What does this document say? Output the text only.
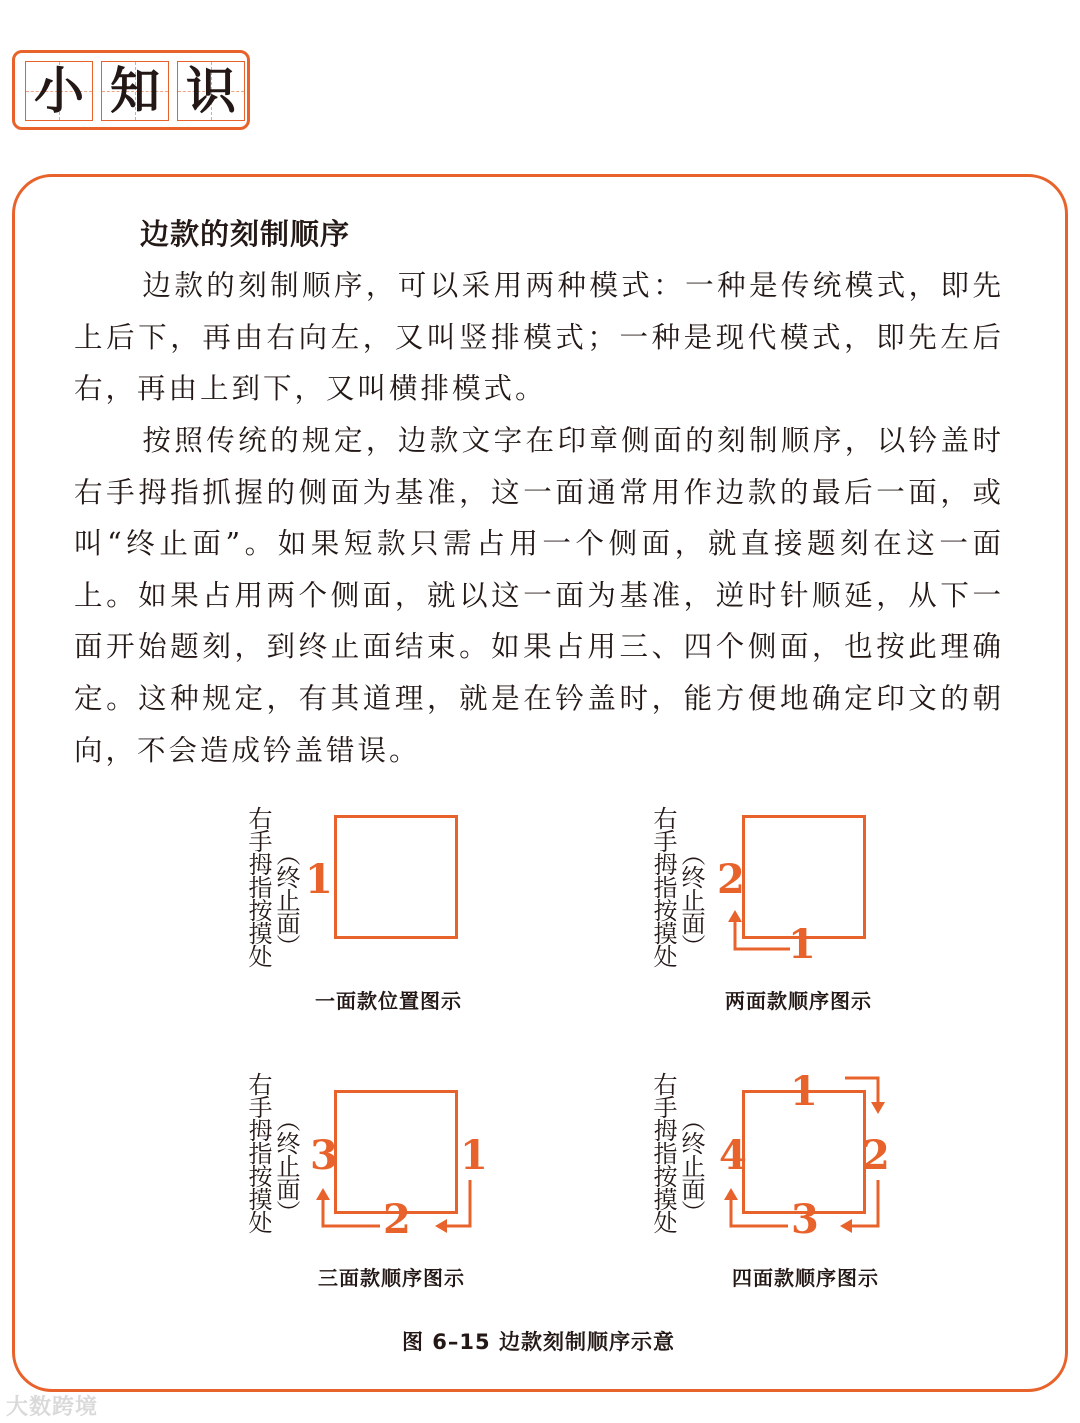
小 知 识
边款的刻制顺序

边款的刻制顺序，可以采用两种模式：一种是传统模式，即先上后下，再由右向左，又叫竖排模式；一种是现代模式，即先左后右，再由上到下，又叫横排模式。

按照传统的规定，边款文字在印章侧面的刻制顺序，以钤盖时右手拇指抓握的侧面为基准，这一面通常用作边款的最后一面，或叫“终止面”。如果短款只需占用一个侧面，就直接题刻在这一面上。如果占用两个侧面，就以这一面为基准，逆时针顺延，从下一面开始题刻，到终止面结束。如果占用三、四个侧面，也按此理确定。这种规定，有其道理，就是在钤盖时，能方便地确定印文的朝向，不会造成钤盖错误。

右手拇指按摸处 （终止面） 1
一面款位置图示
右手拇指按摸处 （终止面） 2
1
两面款顺序图示
右手拇指按摸处 （终止面） 3	1
2
三面款顺序图示
右手拇指按摸处 （终止面）
1
4	2
3
四面款顺序图示
图 6–15 边款刻制顺序示意
大数跨境
